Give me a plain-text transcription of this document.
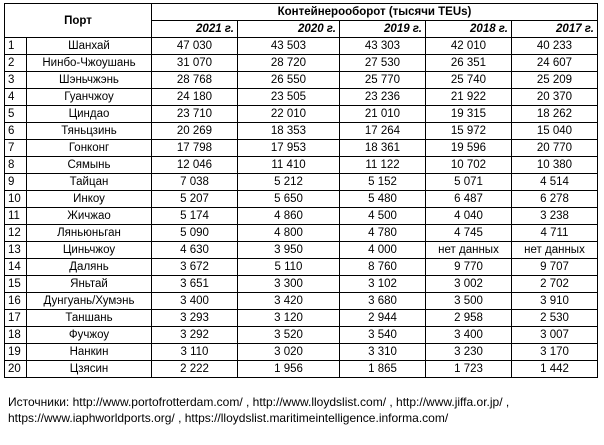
Порт		Контейнерооборот (тысячи TEUs)				
		2021 г.	2020 г.	2019 г.	2018 г.	2017 г.
1	Шанхай	47 030	43 503	43 303	42 010	40 233
2	Нинбо-Чжоушань	31 070	28 720	27 530	26 351	24 607
3	Шэньчжэнь	28 768	26 550	25 770	25 740	25 209
4	Гуанчжоу	24 180	23 505	23 236	21 922	20 370
5	Циндао	23 710	22 010	21 010	19 315	18 262
6	Тяньцзинь	20 269	18 353	17 264	15 972	15 040
7	Гонконг	17 798	17 953	18 361	19 596	20 770
8	Сямынь	12 046	11 410	11 122	10 702	10 380
9	Тайцан	7 038	5 212	5 152	5 071	4 514
10	Инкоу	5 207	5 650	5 480	6 487	6 278
11	Жичжао	5 174	4 860	4 500	4 040	3 238
12	Ляньюньган	5 090	4 800	4 780	4 745	4 711
13	Циньчжоу	4 630	3 950	4 000	нет данных	нет данных
14	Далянь	3 672	5 110	8 760	9 770	9 707
15	Яньтай	3 651	3 300	3 102	3 002	2 702
16	Дунгуань/Хумэнь	3 400	3 420	3 680	3 500	3 910
17	Таншань	3 293	3 120	2 944	2 958	2 530
18	Фучжоу	3 292	3 520	3 540	3 400	3 007
19	Нанкин	3 110	3 020	3 310	3 230	3 170
20	Цзясин	2 222	1 956	1 865	1 723	1 442
Источники: http://www.portofrotterdam.com/ , http://www.lloydslist.com/ , http://www.jiffa.or.jp/ ,
https://www.iaphworldports.org/ , https://lloydslist.maritimeintelligence.informa.com/
